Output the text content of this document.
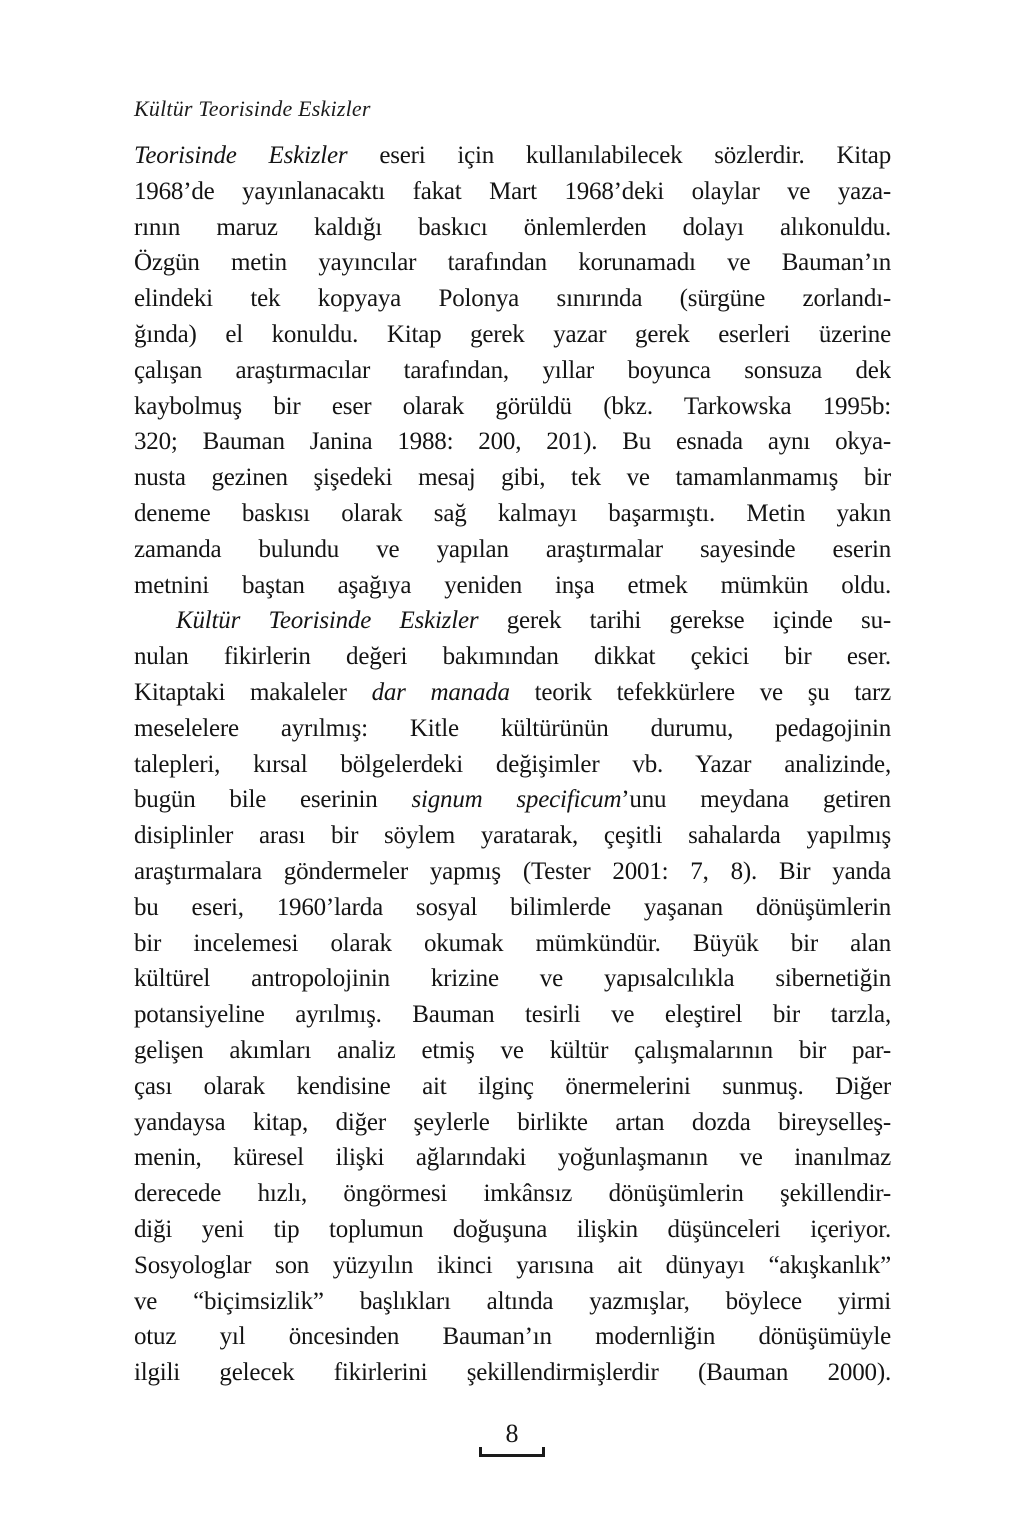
Kültür Teorisinde Eskizler
Teorisinde Eskizler eseri için kullanılabilecek sözlerdir. Kitap
1968’de yayınlanacaktı fakat Mart 1968’deki olaylar ve yaza-
rının maruz kaldığı baskıcı önlemlerden dolayı alıkonuldu.
Özgün metin yayıncılar tarafından korunamadı ve Bauman’ın
elindeki tek kopyaya Polonya sınırında (sürgüne zorlandı-
ğında) el konuldu. Kitap gerek yazar gerek eserleri üzerine
çalışan araştırmacılar tarafından, yıllar boyunca sonsuza dek
kaybolmuş bir eser olarak görüldü (bkz. Tarkowska 1995b:
320; Bauman Janina 1988: 200, 201). Bu esnada aynı okya-
nusta gezinen şişedeki mesaj gibi, tek ve tamamlanmamış bir
deneme baskısı olarak sağ kalmayı başarmıştı. Metin yakın
zamanda bulundu ve yapılan araştırmalar sayesinde eserin
metnini baştan aşağıya yeniden inşa etmek mümkün oldu.
Kültür Teorisinde Eskizler gerek tarihi gerekse içinde su-
nulan fikirlerin değeri bakımından dikkat çekici bir eser.
Kitaptaki makaleler dar manada teorik tefekkürlere ve şu tarz
meselelere ayrılmış: Kitle kültürünün durumu, pedagojinin
talepleri, kırsal bölgelerdeki değişimler vb. Yazar analizinde,
bugün bile eserinin signum specificum’unu meydana getiren
disiplinler arası bir söylem yaratarak, çeşitli sahalarda yapılmış
araştırmalara göndermeler yapmış (Tester 2001: 7, 8). Bir yanda
bu eseri, 1960’larda sosyal bilimlerde yaşanan dönüşümlerin
bir incelemesi olarak okumak mümkündür. Büyük bir alan
kültürel antropolojinin krizine ve yapısalcılıkla sibernetiğin
potansiyeline ayrılmış. Bauman tesirli ve eleştirel bir tarzla,
gelişen akımları analiz etmiş ve kültür çalışmalarının bir par-
çası olarak kendisine ait ilginç önermelerini sunmuş. Diğer
yandaysa kitap, diğer şeylerle birlikte artan dozda bireyselleş-
menin, küresel ilişki ağlarındaki yoğunlaşmanın ve inanılmaz
derecede hızlı, öngörmesi imkânsız dönüşümlerin şekillendir-
diği yeni tip toplumun doğuşuna ilişkin düşünceleri içeriyor.
Sosyologlar son yüzyılın ikinci yarısına ait dünyayı “akışkanlık”
ve “biçimsizlik” başlıkları altında yazmışlar, böylece yirmi
otuz yıl öncesinden Bauman’ın modernliğin dönüşümüyle
ilgili gelecek fikirlerini şekillendirmişlerdir (Bauman 2000).
8
